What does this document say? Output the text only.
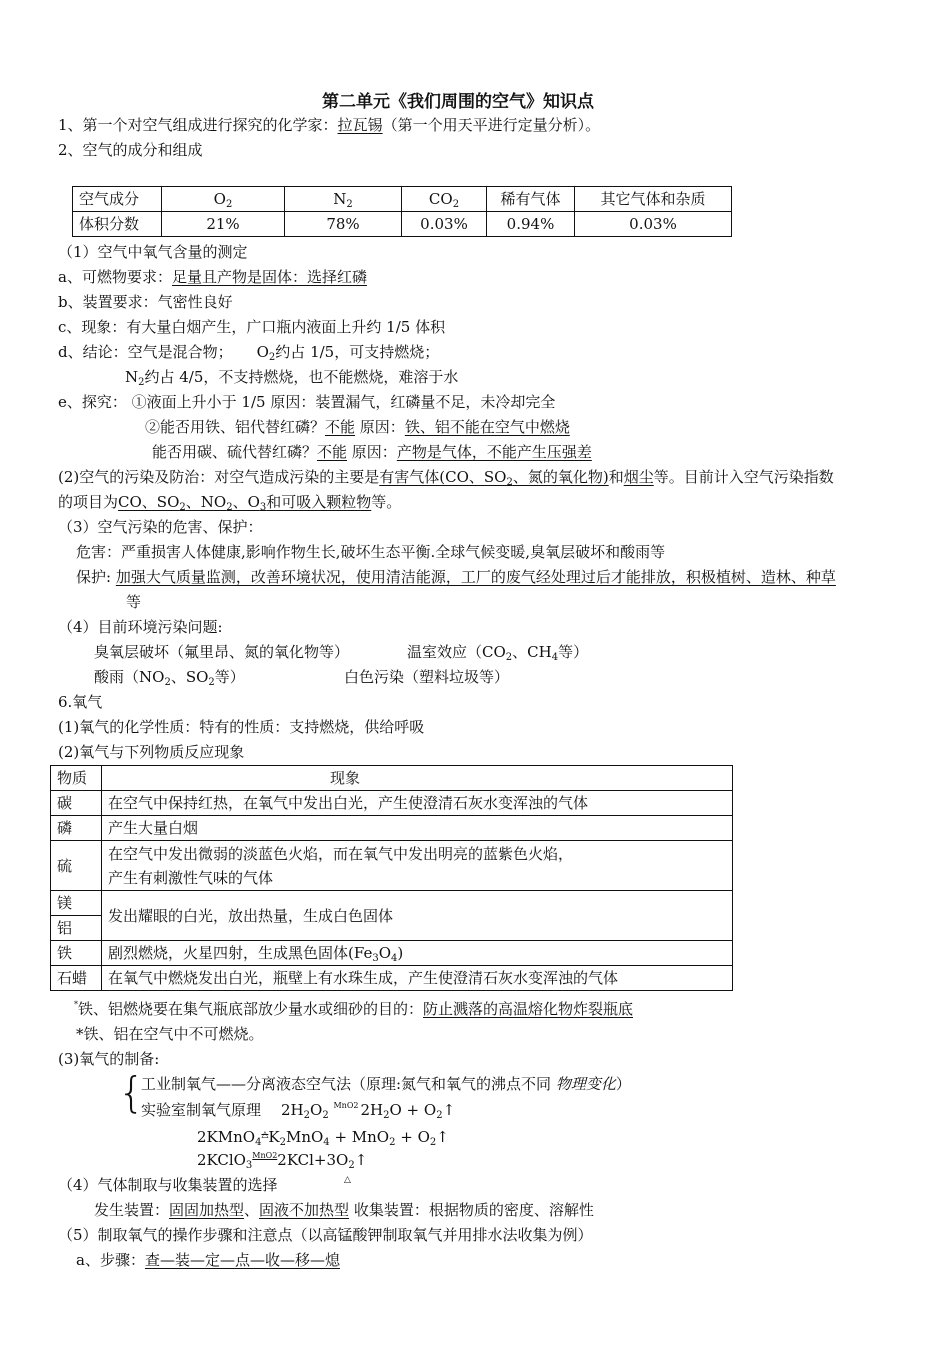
第二单元《我们周围的空气》知识点
1、第一个对空气组成进行探究的化学家：拉瓦锡（第一个用天平进行定量分析）。
2、空气的成分和组成
空气成分	$O_2$	$N_2$	$CO_2$	稀有气体	其它气体和杂质
体积分数	21%	78%	0.03%	0.94%	0.03%
（1）空气中氧气含量的测定
a、可燃物要求：足量且产物是固体：选择红磷
b、装置要求：气密性良好
c、现象：有大量白烟产生，广口瓶内液面上升约 1/5 体积
d、结论：空气是混合物； $O_2$约占 1/5，可支持燃烧；
$N_2$约占 4/5，不支持燃烧，也不能燃烧，难溶于水
e、探究： ①液面上升小于 1/5 原因：装置漏气，红磷量不足，未冷却完全
②能否用铁、铝代替红磷？不能 原因：铁、铝不能在空气中燃烧
能否用碳、硫代替红磷？不能 原因：产物是气体，不能产生压强差
(2)空气的污染及防治：对空气造成污染的主要是有害气体(CO、$SO_2$、氮的氧化物)和烟尘等。目前计入空气污染指数
的项目为CO、$SO_2$、$NO_2$、$O_3$和可吸入颗粒物等。
（3）空气污染的危害、保护：
危害：严重损害人体健康,影响作物生长,破坏生态平衡.全球气候变暖,臭氧层破坏和酸雨等
保护: 加强大气质量监测，改善环境状况，使用清洁能源，工厂的废气经处理过后才能排放，积极植树、造林、种草
等
（4）目前环境污染问题:
臭氧层破坏（氟里昂、氮的氧化物等）	温室效应（$CO_2$、$CH_4$等）
酸雨（$NO_2$、$SO_2$等）	白色污染（塑料垃圾等）
6.氧气
(1)氧气的化学性质：特有的性质：支持燃烧，供给呼吸
(2)氧气与下列物质反应现象
物质	现象
碳	在空气中保持红热，在氧气中发出白光，产生使澄清石灰水变浑浊的气体
磷	产生大量白烟
硫	在空气中发出微弱的淡蓝色火焰，而在氧气中发出明亮的蓝紫色火焰，
产生有刺激性气味的气体
镁	发出耀眼的白光，放出热量，生成白色固体
铝	
铁	剧烈燃烧，火星四射，生成黑色固体$(Fe_3O_4)$
石蜡	在氧气中燃烧发出白光，瓶壁上有水珠生成，产生使澄清石灰水变浑浊的气体
*铁、铝燃烧要在集气瓶底部放少量水或细砂的目的：防止溅落的高温熔化物炸裂瓶底
*铁、铝在空气中不可燃烧。
(3)氧气的制备:
{
工业制氧气——分离液态空气法（原理:氮气和氧气的沸点不同 物理变化）
实验室制氧气原理 $2H_2O_2$ $^{MnO2}$ $2H_2O$ + $O_2↑$
$2KMnO_4^\triangle K_2MnO_4 + MnO_2$ + $O_2↑$
$2KClO_3^{MnO2}2KCl+3O_2↑$
（4）气体制取与收集装置的选择	△
发生装置：固固加热型、固液不加热型 收集装置：根据物质的密度、溶解性
（5）制取氧气的操作步骤和注意点（以高锰酸钾制取氧气并用排水法收集为例）
a、步骤：查—装—定—点—收—移—熄
